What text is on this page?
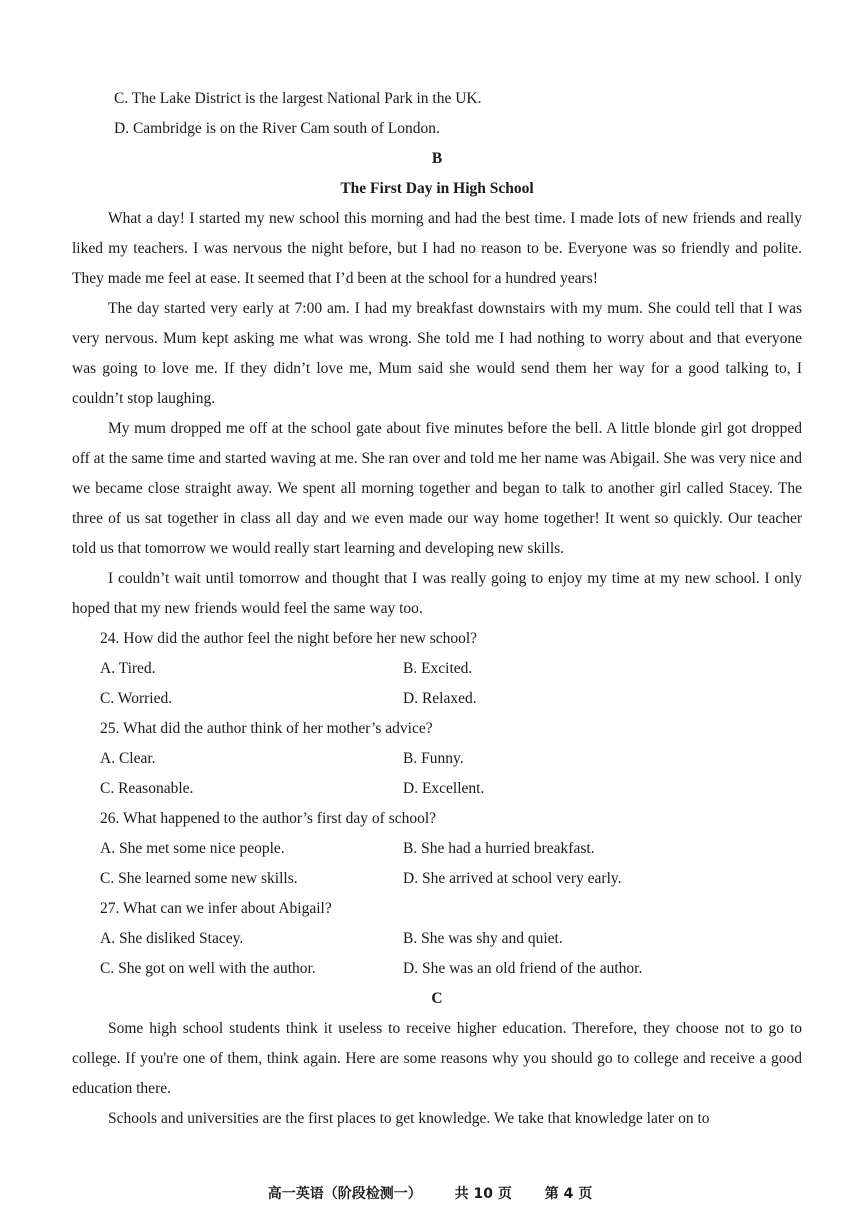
C. The Lake District is the largest National Park in the UK.

D. Cambridge is on the River Cam south of London.

B

The First Day in High School

What a day! I started my new school this morning and had the best time. I made lots of new friends and really liked my teachers. I was nervous the night before, but I had no reason to be. Everyone was so friendly and polite. They made me feel at ease. It seemed that I’d been at the school for a hundred years!

The day started very early at 7:00 am. I had my breakfast downstairs with my mum. She could tell that I was very nervous. Mum kept asking me what was wrong. She told me I had nothing to worry about and that everyone was going to love me. If they didn’t love me, Mum said she would send them her way for a good talking to, I couldn’t stop laughing.

My mum dropped me off at the school gate about five minutes before the bell. A little blonde girl got dropped off at the same time and started waving at me. She ran over and told me her name was Abigail. She was very nice and we became close straight away. We spent all morning together and began to talk to another girl called Stacey. The three of us sat together in class all day and we even made our way home together! It went so quickly. Our teacher told us that tomorrow we would really start learning and developing new skills.

I couldn’t wait until tomorrow and thought that I was really going to enjoy my time at my new school. I only hoped that my new friends would feel the same way too.

24. How did the author feel the night before her new school?

A. Tired.	B. Excited.

C. Worried.	D. Relaxed.

25. What did the author think of her mother’s advice?

A. Clear.	B. Funny.

C. Reasonable.	D. Excellent.

26. What happened to the author’s first day of school?

A. She met some nice people.	B. She had a hurried breakfast.

C. She learned some new skills.	D. She arrived at school very early.

27. What can we infer about Abigail?

A. She disliked Stacey.	B. She was shy and quiet.

C. She got on well with the author.	D. She was an old friend of the author.

C

Some high school students think it useless to receive higher education. Therefore, they choose not to go to college. If you're one of them, think again. Here are some reasons why you should go to college and receive a good education there.

Schools and universities are the first places to get knowledge. We take that knowledge later on to

高一英语（阶段检测一） 共 10 页 第 4 页
